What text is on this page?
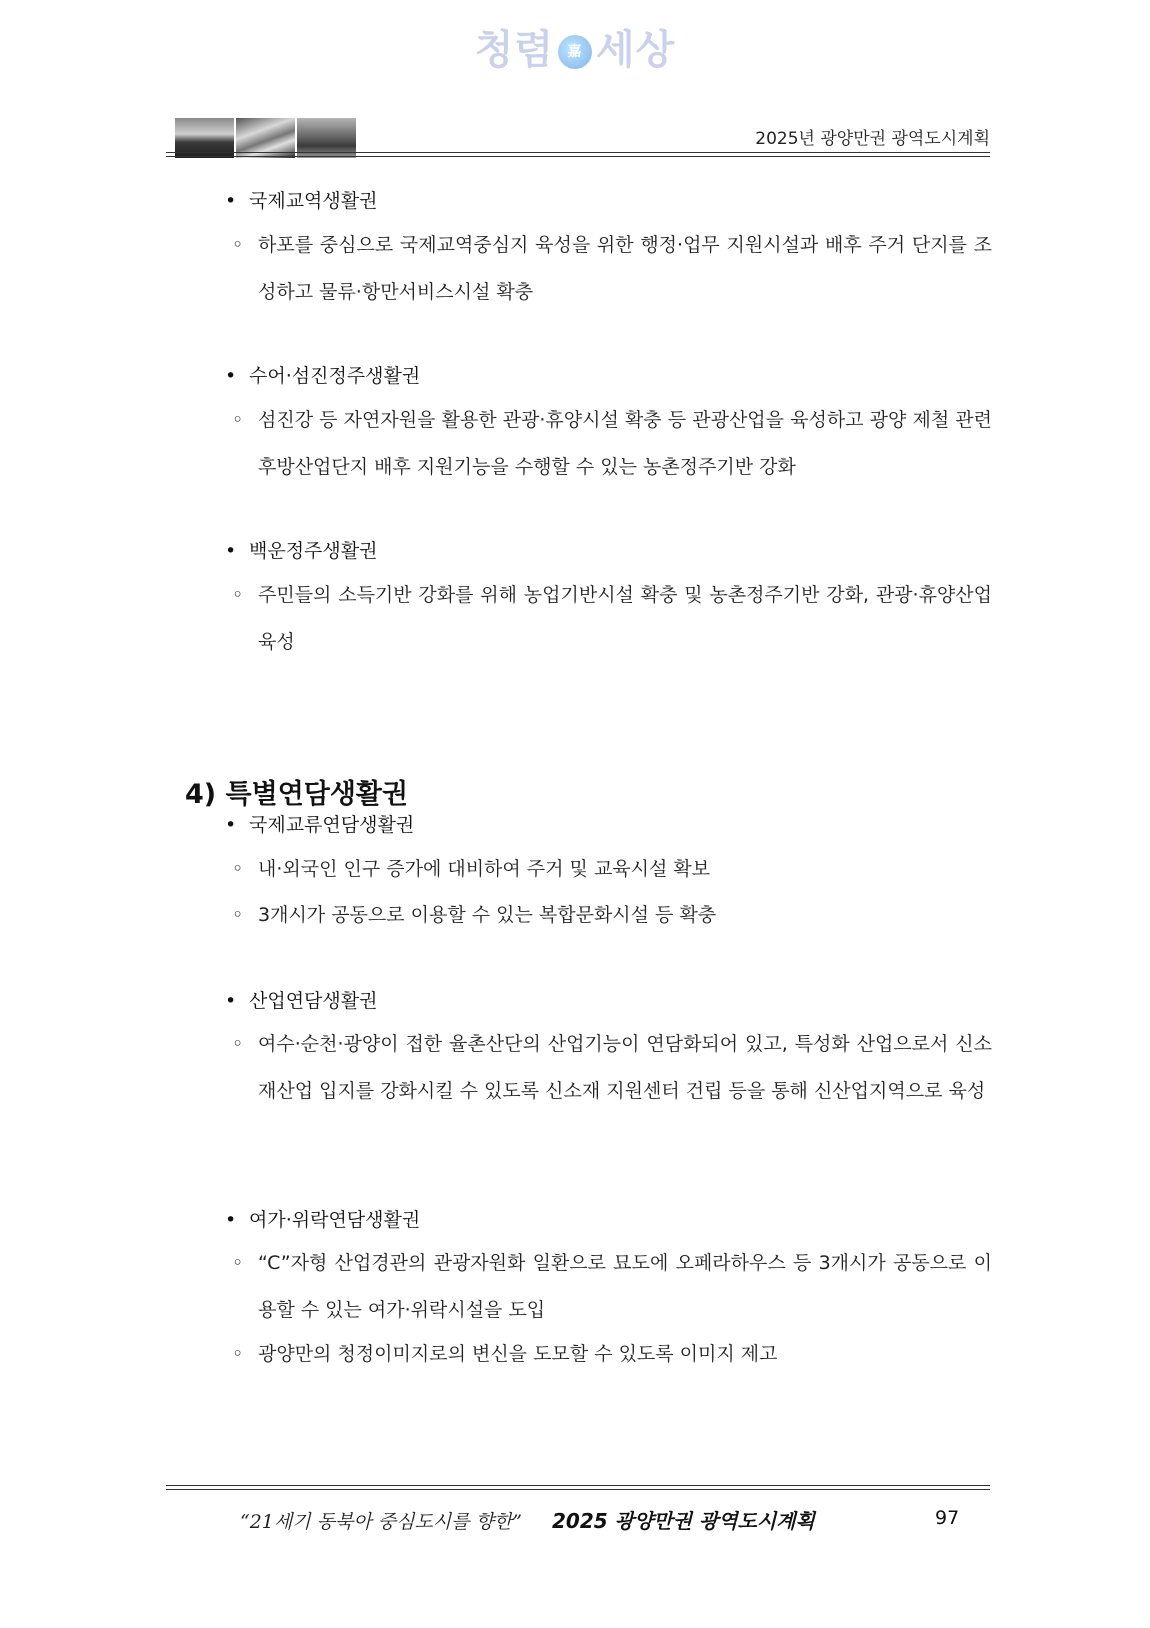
청렴 嘉 세상
2025년 광양만권 광역도시계획
• 국제교역생활권
◦ 하포를 중심으로 국제교역중심지 육성을 위한 행정·업무 지원시설과 배후 주거 단지를 조성하고 물류·항만서비스시설 확충
• 수어·섬진정주생활권
◦ 섬진강 등 자연자원을 활용한 관광·휴양시설 확충 등 관광산업을 육성하고 광양 제철 관련 후방산업단지 배후 지원기능을 수행할 수 있는 농촌정주기반 강화
• 백운정주생활권
◦ 주민들의 소득기반 강화를 위해 농업기반시설 확충 및 농촌정주기반 강화, 관광·휴양산업 육성
4) 특별연담생활권
• 국제교류연담생활권
◦ 내·외국인 인구 증가에 대비하여 주거 및 교육시설 확보
◦ 3개시가 공동으로 이용할 수 있는 복합문화시설 등 확충
• 산업연담생활권
◦ 여수·순천·광양이 접한 율촌산단의 산업기능이 연담화되어 있고, 특성화 산업으로서 신소재산업 입지를 강화시킬 수 있도록 신소재 지원센터 건립 등을 통해 신산업지역으로 육성
• 여가·위락연담생활권
◦ “C”자형 산업경관의 관광자원화 일환으로 묘도에 오페라하우스 등 3개시가 공동으로 이용할 수 있는 여가·위락시설을 도입
◦ 광양만의 청정이미지로의 변신을 도모할 수 있도록 이미지 제고
“21세기 동북아 중심도시를 향한” 2025 광양만권 광역도시계획	97
